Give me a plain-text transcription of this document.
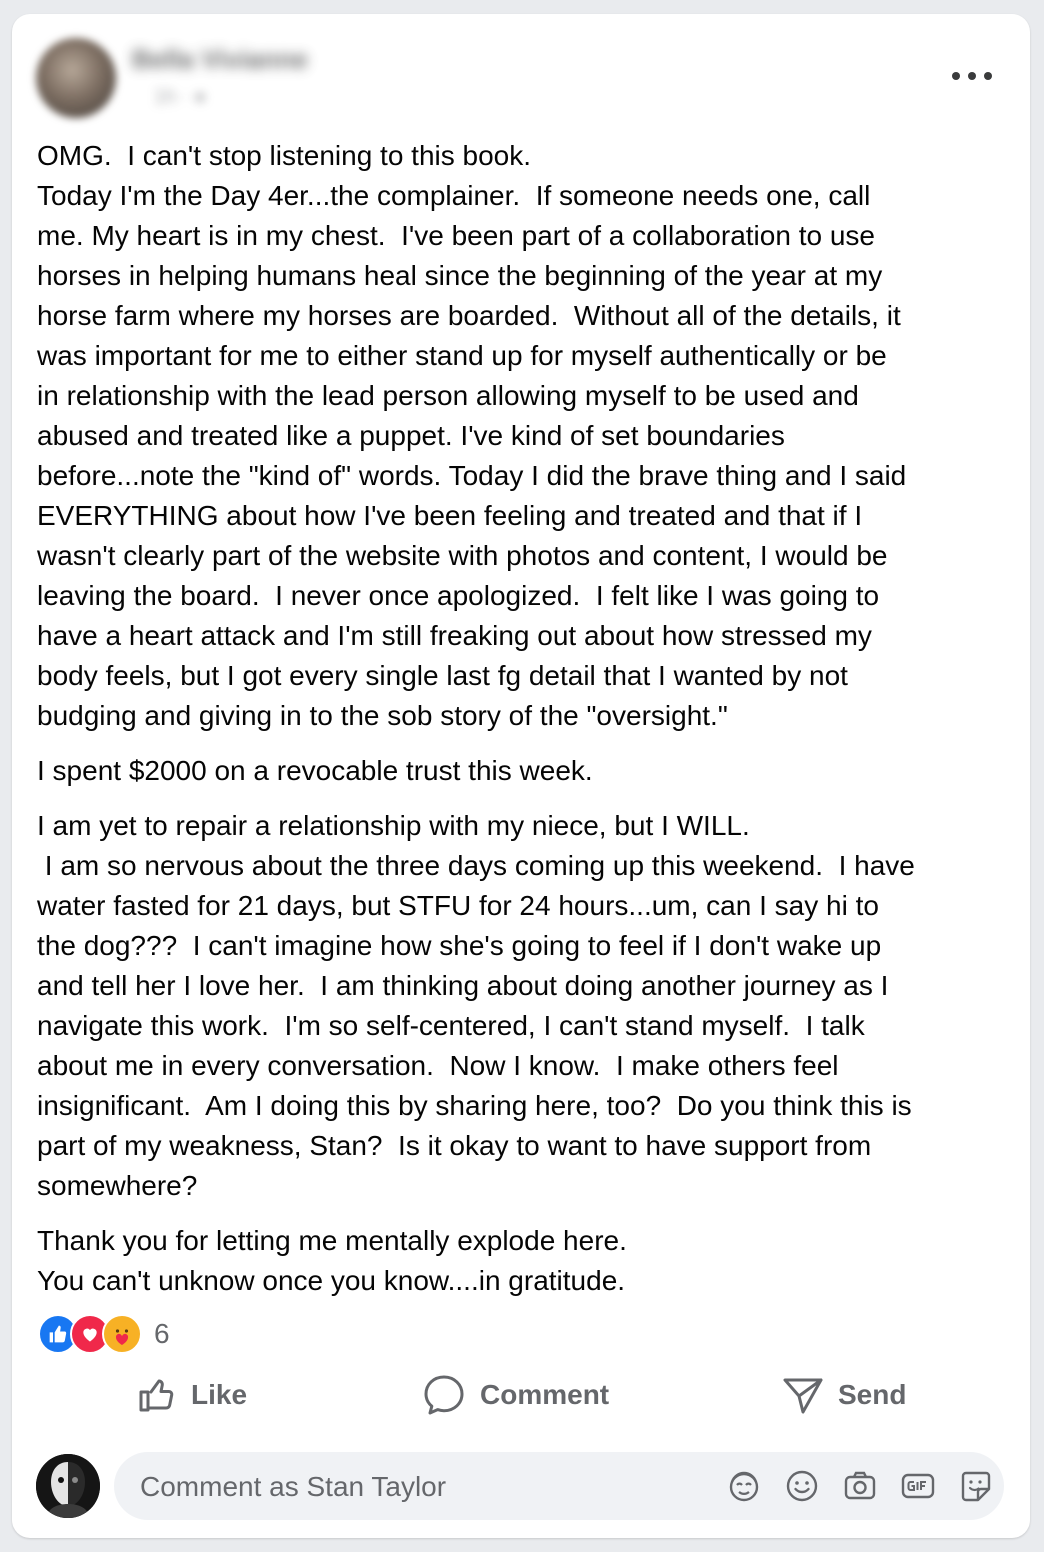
Bella Vivianne
1h · ●

OMG.  I can't stop listening to this book.
Today I'm the Day 4er...the complainer.  If someone needs one, call
me. My heart is in my chest.  I've been part of a collaboration to use
horses in helping humans heal since the beginning of the year at my
horse farm where my horses are boarded.  Without all of the details, it
was important for me to either stand up for myself authentically or be
in relationship with the lead person allowing myself to be used and
abused and treated like a puppet. I've kind of set boundaries
before...note the "kind of" words. Today I did the brave thing and I said
EVERYTHING about how I've been feeling and treated and that if I
wasn't clearly part of the website with photos and content, I would be
leaving the board.  I never once apologized.  I felt like I was going to
have a heart attack and I'm still freaking out about how stressed my
body feels, but I got every single last fg detail that I wanted by not
budging and giving in to the sob story of the "oversight."

I spent $2000 on a revocable trust this week.

I am yet to repair a relationship with my niece, but I WILL.
I am so nervous about the three days coming up this weekend.  I have
water fasted for 21 days, but STFU for 24 hours...um, can I say hi to
the dog???  I can't imagine how she's going to feel if I don't wake up
and tell her I love her.  I am thinking about doing another journey as I
navigate this work.  I'm so self-centered, I can't stand myself.  I talk
about me in every conversation.  Now I know.  I make others feel
insignificant.  Am I doing this by sharing here, too?  Do you think this is
part of my weakness, Stan?  Is it okay to want to have support from
somewhere?

Thank you for letting me mentally explode here.
You can't unknow once you know....in gratitude.

6
Like	Comment	Send
Comment as Stan Taylor
